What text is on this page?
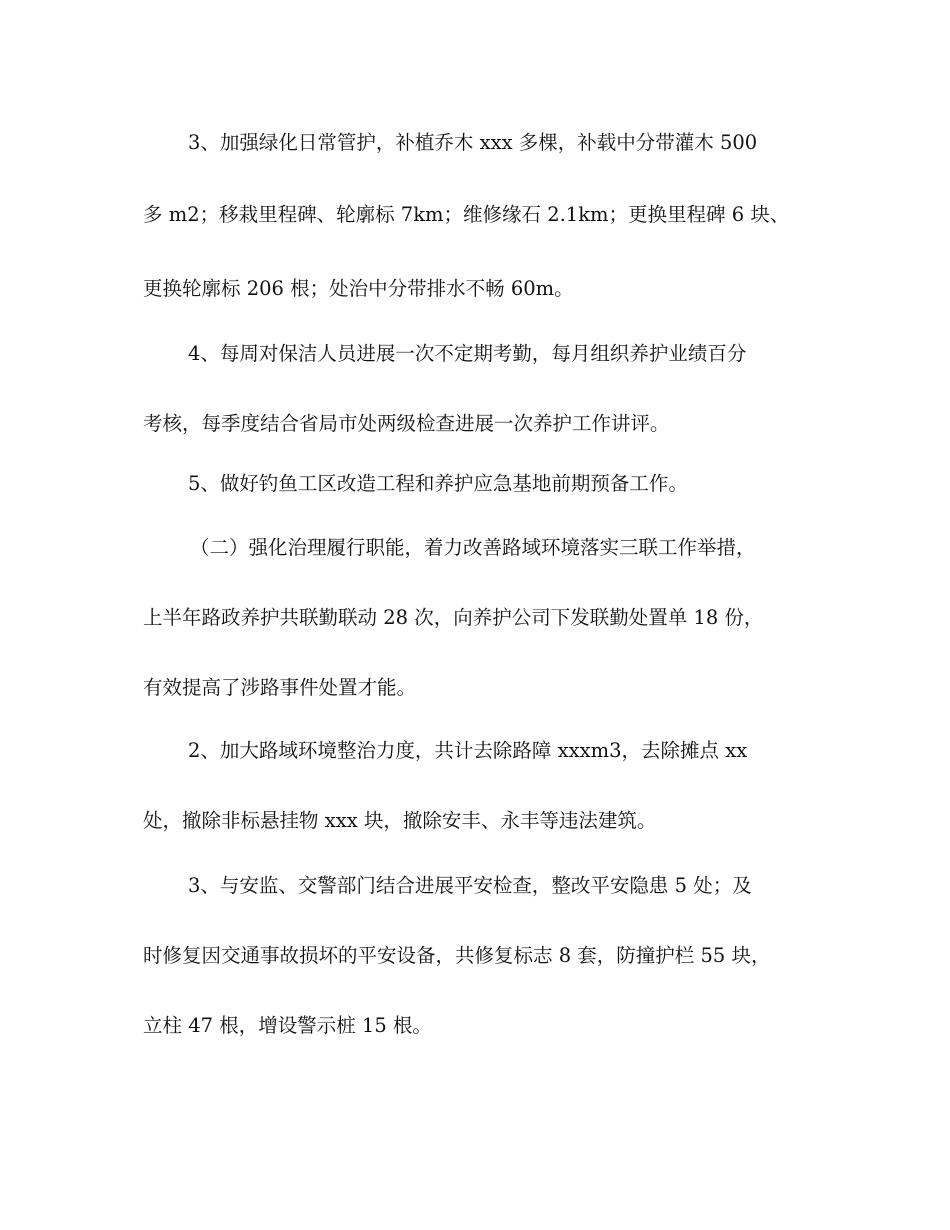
3、加强绿化日常管护，补植乔木 xxx 多棵，补载中分带灌木 500

多 m2；移栽里程碑、轮廓标 7km；维修缘石 2.1km；更换里程碑 6 块、

更换轮廓标 206 根；处治中分带排水不畅 60m。

4、每周对保洁人员进展一次不定期考勤，每月组织养护业绩百分

考核，每季度结合省局市处两级检查进展一次养护工作讲评。

5、做好钓鱼工区改造工程和养护应急基地前期预备工作。

（二）强化治理履行职能，着力改善路域环境落实三联工作举措，

上半年路政养护共联勤联动 28 次，向养护公司下发联勤处置单 18 份，

有效提高了涉路事件处置才能。

2、加大路域环境整治力度，共计去除路障 xxxm3，去除摊点 xx

处，撤除非标悬挂物 xxx 块，撤除安丰、永丰等违法建筑。

3、与安监、交警部门结合进展平安检查，整改平安隐患 5 处；及

时修复因交通事故损坏的平安设备，共修复标志 8 套，防撞护栏 55 块，

立柱 47 根，增设警示桩 15 根。
